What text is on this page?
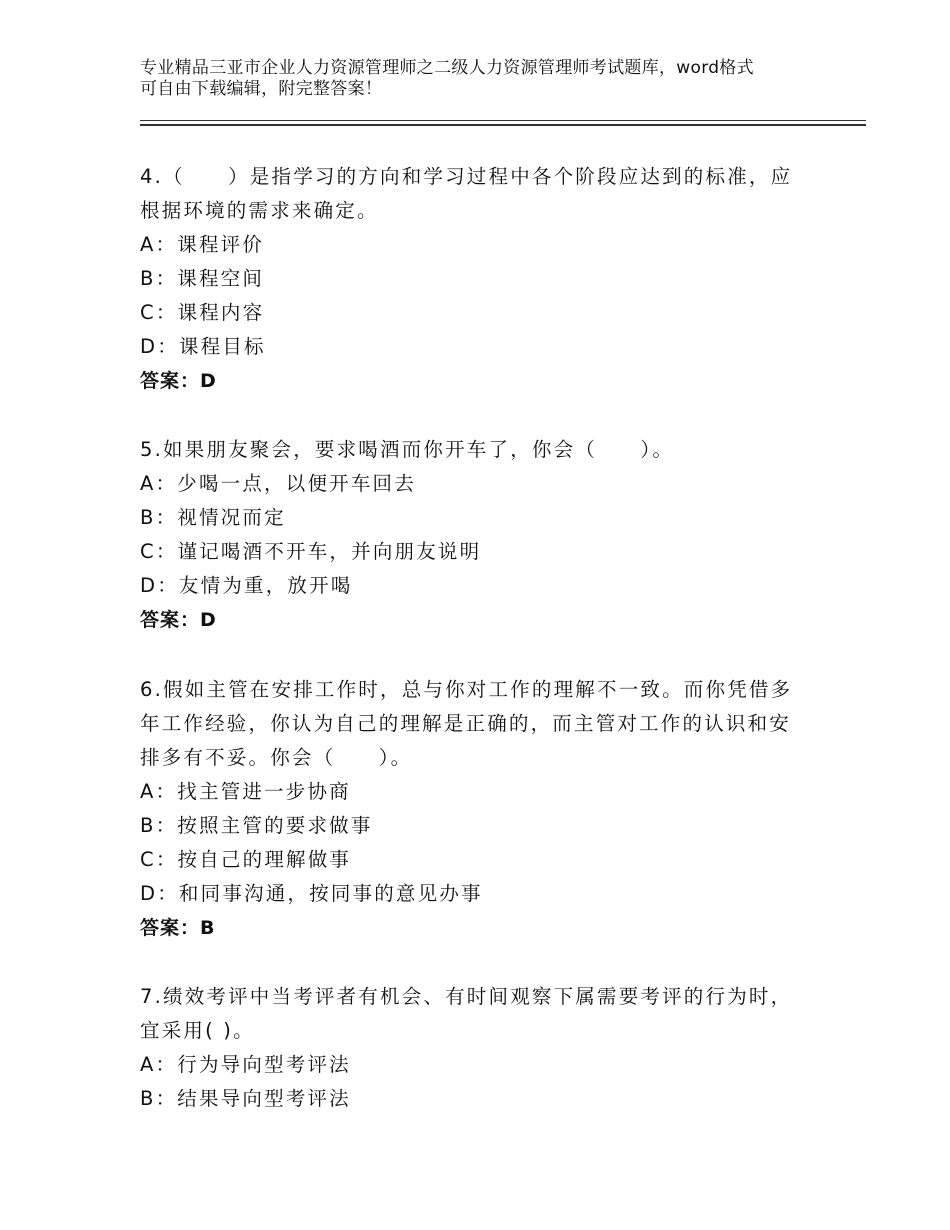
专业精品三亚市企业人力资源管理师之二级人力资源管理师考试题库，word格式
可自由下载编辑，附完整答案！

4.（　　）是指学习的方向和学习过程中各个阶段应达到的标准，应

根据环境的需求来确定。

A：课程评价

B：课程空间

C：课程内容

D：课程目标

答案：D

5.如果朋友聚会，要求喝酒而你开车了，你会（　　）。

A：少喝一点，以便开车回去

B：视情况而定

C：谨记喝酒不开车，并向朋友说明

D：友情为重，放开喝

答案：D

6.假如主管在安排工作时，总与你对工作的理解不一致。而你凭借多

年工作经验，你认为自己的理解是正确的，而主管对工作的认识和安

排多有不妥。你会（　　）。

A：找主管进一步协商

B：按照主管的要求做事

C：按自己的理解做事

D：和同事沟通，按同事的意见办事

答案：B

7.绩效考评中当考评者有机会、有时间观察下属需要考评的行为时，

宜采用( )。

A：行为导向型考评法

B：结果导向型考评法
